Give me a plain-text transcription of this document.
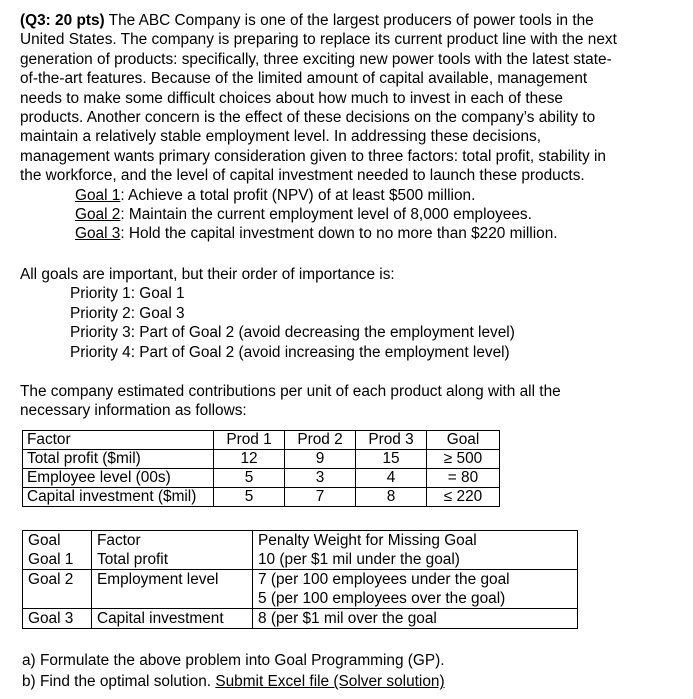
(Q3: 20 pts) The ABC Company is one of the largest producers of power tools in the
United States. The company is preparing to replace its current product line with the next
generation of products: specifically, three exciting new power tools with the latest state-
of-the-art features. Because of the limited amount of capital available, management
needs to make some difficult choices about how much to invest in each of these
products. Another concern is the effect of these decisions on the company’s ability to
maintain a relatively stable employment level. In addressing these decisions,
management wants primary consideration given to three factors: total profit, stability in
the workforce, and the level of capital investment needed to launch these products.

Goal 1: Achieve a total profit (NPV) of at least $500 million.
Goal 2: Maintain the current employment level of 8,000 employees.
Goal 3: Hold the capital investment down to no more than $220 million.

All goals are important, but their order of importance is:

Priority 1: Goal 1
Priority 2: Goal 3
Priority 3: Part of Goal 2 (avoid decreasing the employment level)
Priority 4: Part of Goal 2 (avoid increasing the employment level)

The company estimated contributions per unit of each product along with all the
necessary information as follows:

Factor	Prod 1	Prod 2	Prod 3	Goal
Total profit ($mil)	12	9	15	≥ 500
Employee level (00s)	5	3	4	= 80
Capital investment ($mil)	5	7	8	≤ 220
Goal	Factor	Penalty Weight for Missing Goal
Goal 1	Total profit	10 (per $1 mil under the goal)
Goal 2	Employment level	7 (per 100 employees under the goal
5 (per 100 employees over the goal)
Goal 3	Capital investment	8 (per $1 mil over the goal

a) Formulate the above problem into Goal Programming (GP).

b) Find the optimal solution. Submit Excel file (Solver solution)
